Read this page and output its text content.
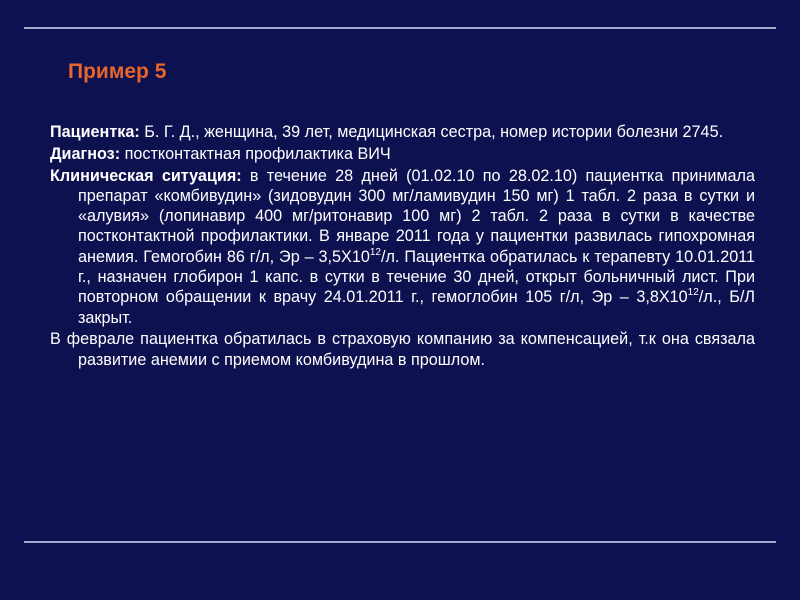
Пример 5

Пациентка: Б. Г. Д., женщина, 39 лет, медицинская сестра, номер истории болезни 2745.

Диагноз: постконтактная профилактика ВИЧ

Клиническая ситуация: в течение 28 дней (01.02.10 по 28.02.10) пациентка принимала препарат «комбивудин» (зидовудин 300 мг/ламивудин 150 мг) 1 табл. 2 раза в сутки и «алувия» (лопинавир 400 мг/ритонавир 100 мг) 2 табл. 2 раза в сутки в качестве постконтактной профилактики. В январе 2011 года у пациентки развилась гипохромная анемия. Гемогобин 86 г/л, Эр – $3,5Х10^{12}/л$. Пациентка обратилась к терапевту 10.01.2011 г., назначен глобирон 1 капс. в сутки в течение 30 дней, открыт больничный лист. При повторном обращении к врачу 24.01.2011 г., гемоглобин 105 г/л, Эр – $3,8Х10^{12}/л$., Б/Л закрыт.

В феврале пациентка обратилась в страховую компанию за компенсацией, т.к она связала развитие анемии с приемом комбивудина в прошлом.
